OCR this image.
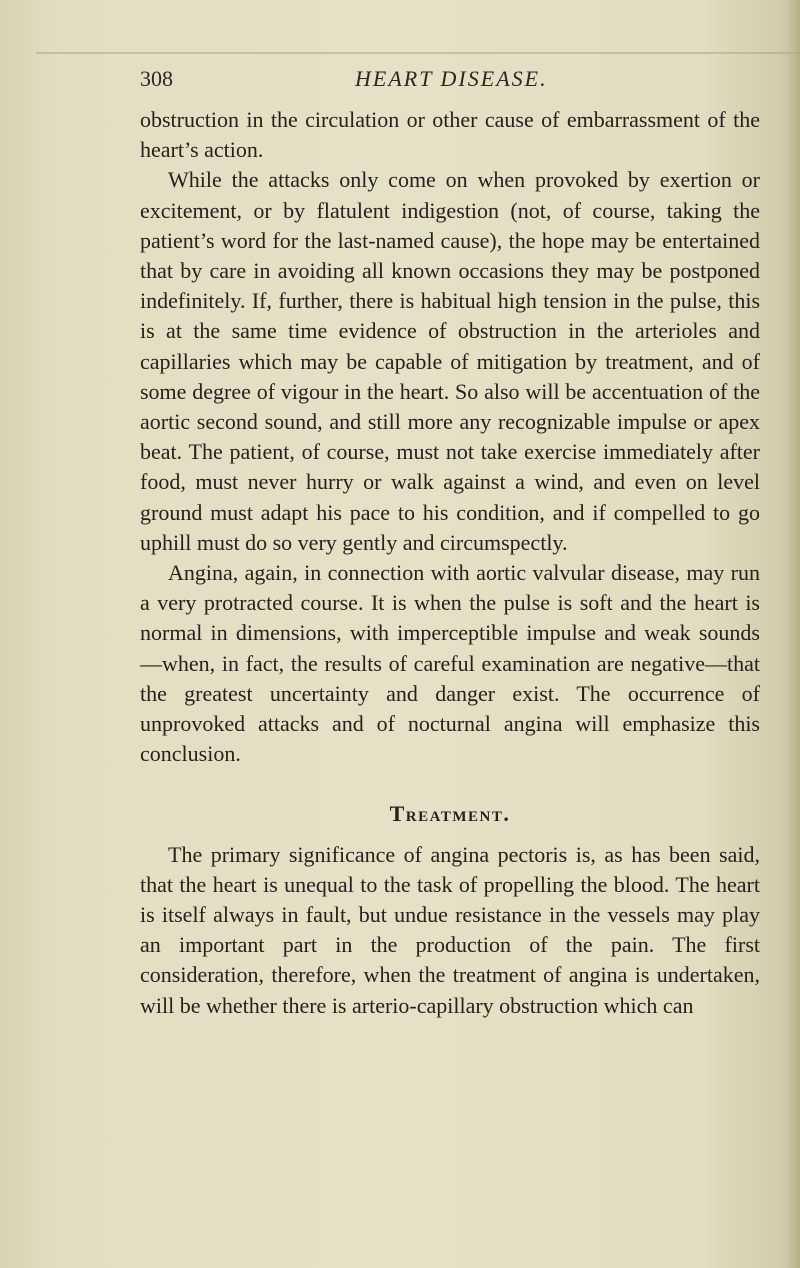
308	HEART DISEASE.

obstruction in the circulation or other cause of embarrassment of the heart’s action.

While the attacks only come on when provoked by exertion or excitement, or by flatulent indigestion (not, of course, taking the patient’s word for the last-named cause), the hope may be entertained that by care in avoiding all known occasions they may be postponed indefinitely. If, further, there is habitual high tension in the pulse, this is at the same time evidence of obstruction in the arterioles and capillaries which may be capable of mitigation by treatment, and of some degree of vigour in the heart. So also will be accentuation of the aortic second sound, and still more any recognizable impulse or apex beat. The patient, of course, must not take exercise immediately after food, must never hurry or walk against a wind, and even on level ground must adapt his pace to his condition, and if compelled to go uphill must do so very gently and circumspectly.

Angina, again, in connection with aortic valvular disease, may run a very protracted course. It is when the pulse is soft and the heart is normal in dimensions, with imperceptible impulse and weak sounds—when, in fact, the results of careful examination are negative—that the greatest uncertainty and danger exist. The occurrence of unprovoked attacks and of nocturnal angina will emphasize this conclusion.

Treatment.

The primary significance of angina pectoris is, as has been said, that the heart is unequal to the task of propelling the blood. The heart is itself always in fault, but undue resistance in the vessels may play an important part in the production of the pain. The first consideration, therefore, when the treatment of angina is undertaken, will be whether there is arterio-capillary obstruction which can
